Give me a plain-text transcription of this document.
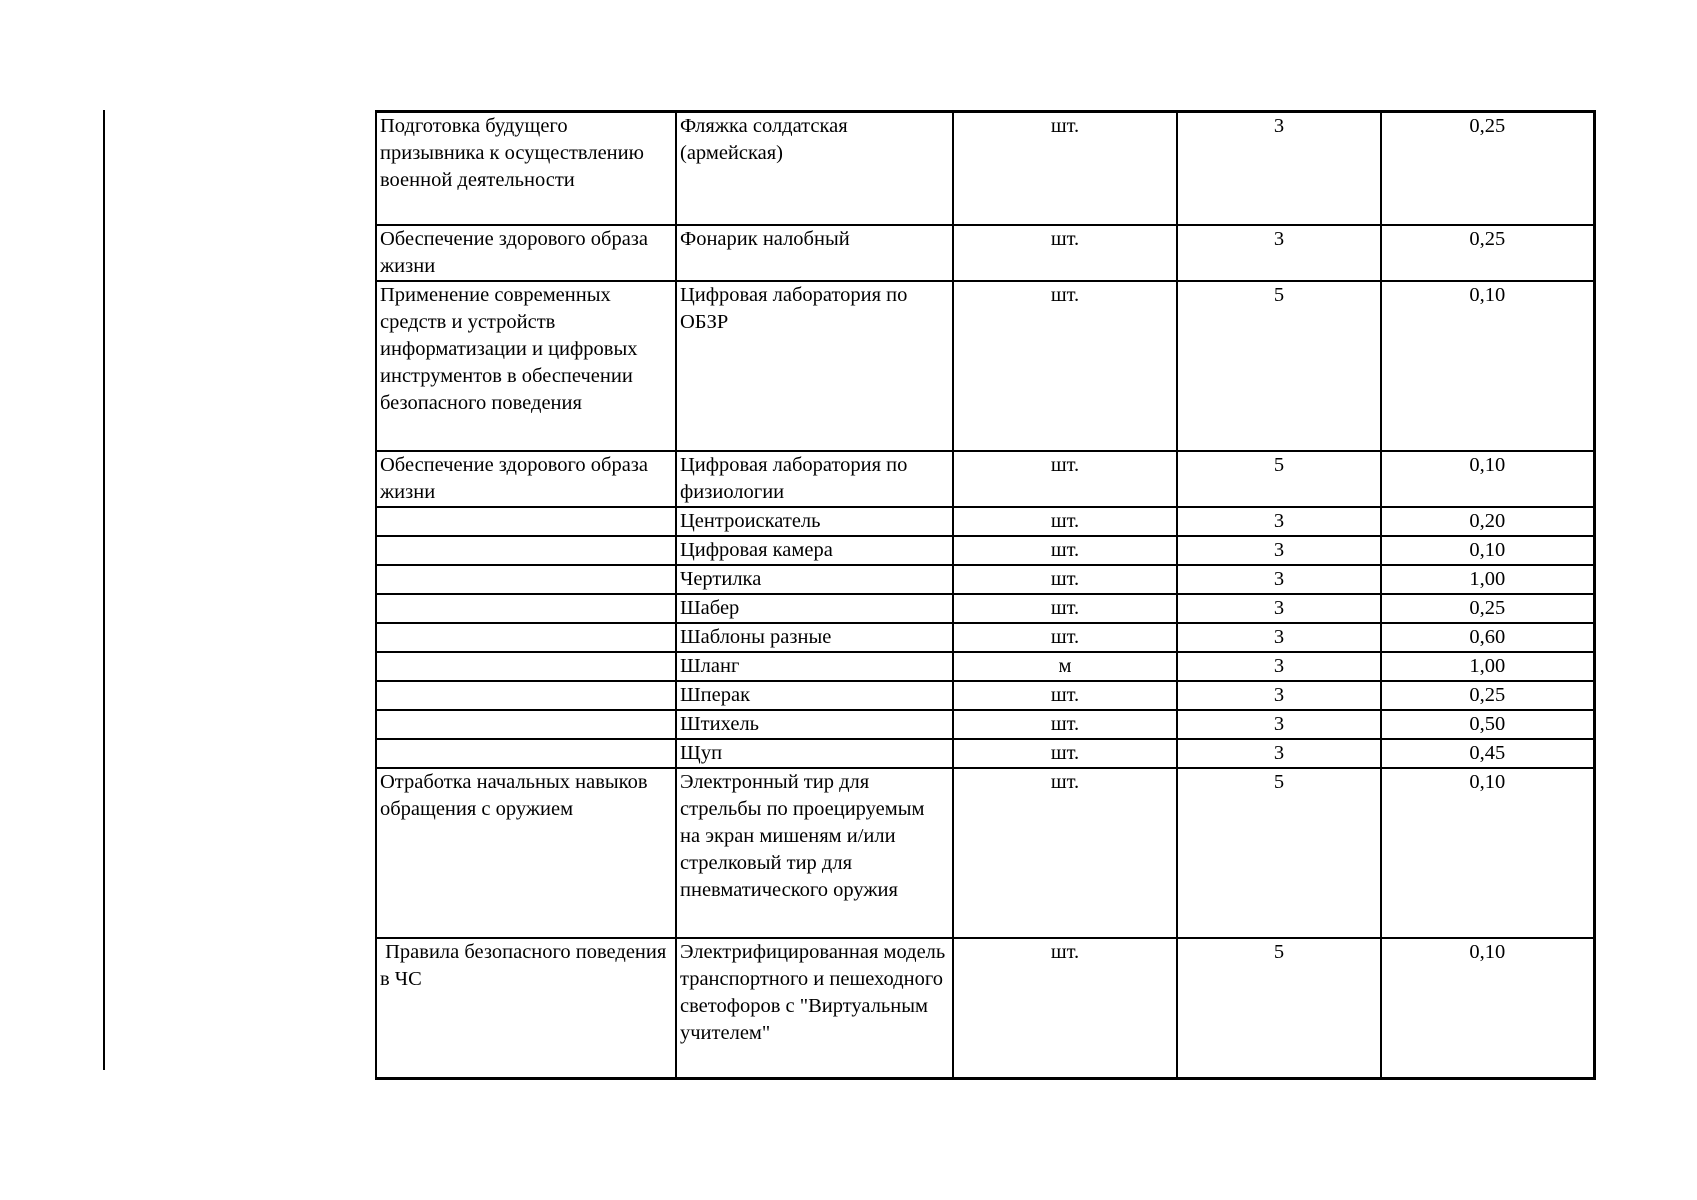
Подготовка будущего призывника к осуществлению военной деятельности	Фляжка солдатская (армейская)	шт.	3	0,25
Обеспечение здорового образа жизни	Фонарик налобный	шт.	3	0,25
Применение современных средств и устройств информатизации и цифровых инструментов в обеспечении безопасного поведения	Цифровая лаборатория по ОБЗР	шт.	5	0,10
Обеспечение здорового образа жизни	Цифровая лаборатория по физиологии	шт.	5	0,10
	Центроискатель	шт.	3	0,20
	Цифровая камера	шт.	3	0,10
	Чертилка	шт.	3	1,00
	Шабер	шт.	3	0,25
	Шаблоны разные	шт.	3	0,60
	Шланг	м	3	1,00
	Шперак	шт.	3	0,25
	Штихель	шт.	3	0,50
	Щуп	шт.	3	0,45
Отработка начальных навыков обращения с оружием	Электронный тир для стрельбы по проецируемым на экран мишеням и/или стрелковый тир для пневматического оружия	шт.	5	0,10
Правила безопасного поведения в ЧС	Электрифицированная модель транспортного и пешеходного светофоров с "Виртуальным учителем"	шт.	5	0,10
